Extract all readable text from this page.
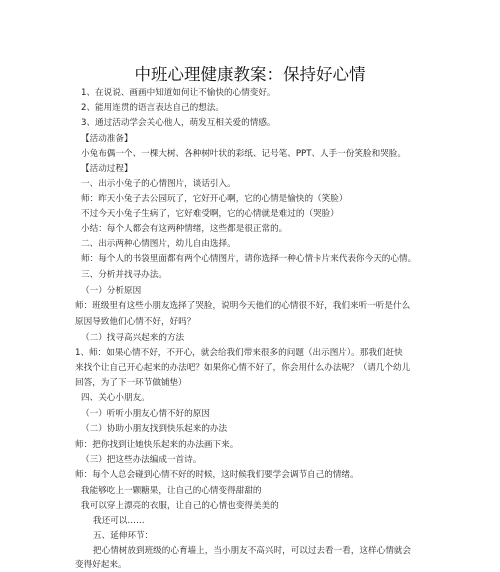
中班心理健康教案：保持好心情
1、在说说、画画中知道如何让不愉快的心情变好。
2、能用连贯的语言表达自己的想法。
3、通过活动学会关心他人，萌发互相关爱的情感。
【活动准备】
小兔布偶一个、一棵大树、各种树叶状的彩纸、记号笔、PPT、人手一份笑脸和哭脸。
【活动过程】
一、出示小兔子的心情图片，谈话引入。
师：昨天小兔子去公园玩了，它好开心啊，它的心情是愉快的（笑脸）
不过今天小兔子生病了，它好难受啊，它的心情就是难过的（哭脸）
小结：每个人都会有这两种情绪，这些都是很正常的。
二、出示两种心情图片，幼儿自由选择。
师：每个人的书袋里面都有两个心情图片，请你选择一种心情卡片来代表你今天的心情。
三、分析并找寻办法。
（一）分析原因
师：班级里有这些小朋友选择了哭脸，说明今天他们的心情很不好，我们来听一听是什么
原因导致他们心情不好，好吗？
（二）找寻高兴起来的方法
1、师：如果心情不好，不开心，就会给我们带来很多的问题（出示图片）。那我们赶快
来找个让自己开心起来的办法吧？如果你心情不好了，你会用什么办法呢？（请几个幼儿
回答，为了下一环节做铺垫）
四、关心小朋友。
（一）听听小朋友心情不好的原因
（二）协助小朋友找到快乐起来的办法
师：把你找到让她快乐起来的办法画下来。
（三）把这些办法编成一首诗。
师：每个人总会碰到心情不好的时候，这时候我们要学会调节自己的情绪。
我能够吃上一颗糖果，让自己的心情变得甜甜的
我可以穿上漂亮的衣服，让自己的心情也变得美美的
我还可以……
五、延伸环节：
把心情树放到班级的心育墙上，当小朋友不高兴时，可以过去看一看，这样心情就会
变得好起来。
